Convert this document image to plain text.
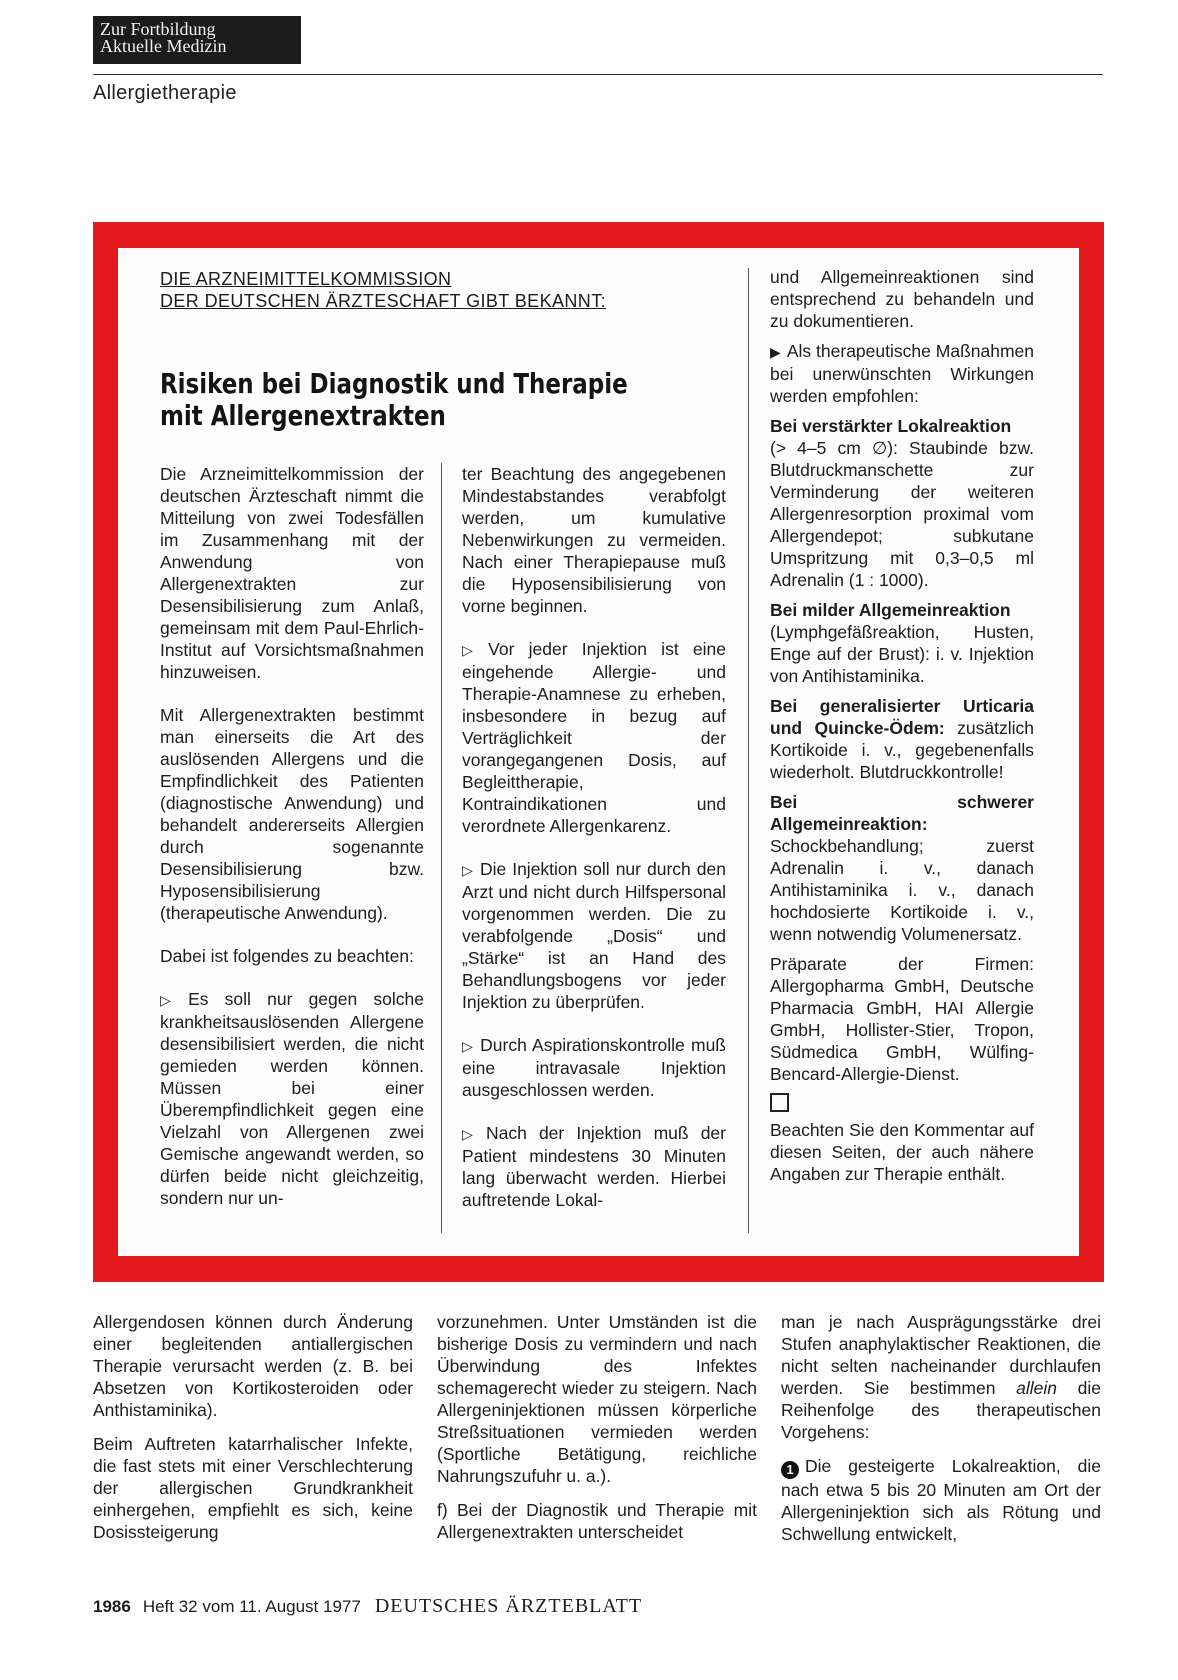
Zur Fortbildung
Aktuelle Medizin
Allergietherapie
DIE ARZNEIMITTELKOMMISSION
DER DEUTSCHEN ÄRZTESCHAFT GIBT BEKANNT:
Risiken bei Diagnostik und Therapie
mit Allergenextrakten

Die Arzneimittelkommission der deutschen Ärzteschaft nimmt die Mitteilung von zwei Todesfällen im Zusammenhang mit der Anwendung von Allergenextrakten zur Desensibilisierung zum Anlaß, gemeinsam mit dem Paul-Ehrlich-Institut auf Vorsichtsmaßnahmen hinzuweisen.

Mit Allergenextrakten bestimmt man einerseits die Art des auslösenden Allergens und die Empfindlichkeit des Patienten (diagnostische Anwendung) und behandelt andererseits Allergien durch sogenannte Desensibilisierung bzw. Hyposensibilisierung (therapeutische Anwendung).

Dabei ist folgendes zu beachten:

▷ Es soll nur gegen solche krankheitsauslösenden Allergene desensibilisiert werden, die nicht gemieden werden können. Müssen bei einer Überempfindlichkeit gegen eine Vielzahl von Allergenen zwei Gemische angewandt werden, so dürfen beide nicht gleichzeitig, sondern nur un-

ter Beachtung des angegebenen Mindestabstandes verabfolgt werden, um kumulative Nebenwirkungen zu vermeiden. Nach einer Therapiepause muß die Hyposensibilisierung von vorne beginnen.

▷ Vor jeder Injektion ist eine eingehende Allergie- und Therapie-Anamnese zu erheben, insbesondere in bezug auf Verträglichkeit der vorangegangenen Dosis, auf Begleittherapie, Kontraindikationen und verordnete Allergenkarenz.

▷ Die Injektion soll nur durch den Arzt und nicht durch Hilfspersonal vorgenommen werden. Die zu verabfolgende „Dosis“ und „Stärke“ ist an Hand des Behandlungsbogens vor jeder Injektion zu überprüfen.

▷ Durch Aspirationskontrolle muß eine intravasale Injektion ausgeschlossen werden.

▷ Nach der Injektion muß der Patient mindestens 30 Minuten lang überwacht werden. Hierbei auftretende Lokal-

und Allgemeinreaktionen sind entsprechend zu behandeln und zu dokumentieren.

▶ Als therapeutische Maßnahmen bei unerwünschten Wirkungen werden empfohlen:

Bei verstärkter Lokalreaktion
(> 4–5 cm ∅): Staubinde bzw. Blutdruckmanschette zur Verminderung der weiteren Allergenresorption proximal vom Allergendepot; subkutane Umspritzung mit 0,3–0,5 ml Adrenalin (1 : 1000).

Bei milder Allgemeinreaktion
(Lymphgefäßreaktion, Husten, Enge auf der Brust): i. v. Injektion von Antihistaminika.

Bei generalisierter Urticaria und Quincke-Ödem: zusätzlich Kortikoide i. v., gegebenenfalls wiederholt. Blutdruckkontrolle!

Bei schwerer Allgemeinreaktion: Schockbehandlung; zuerst Adrenalin i. v., danach Antihistaminika i. v., danach hochdosierte Kortikoide i. v., wenn notwendig Volumenersatz.

Präparate der Firmen: Allergopharma GmbH, Deutsche Pharmacia GmbH, HAI Allergie GmbH, Hollister-Stier, Tropon, Südmedica GmbH, Wülfing-Bencard-Allergie-Dienst.

Beachten Sie den Kommentar auf diesen Seiten, der auch nähere Angaben zur Therapie enthält.

Allergendosen können durch Änderung einer begleitenden antiallergischen Therapie verursacht werden (z. B. bei Absetzen von Kortikosteroiden oder Anthistaminika).

Beim Auftreten katarrhalischer Infekte, die fast stets mit einer Verschlechterung der allergischen Grundkrankheit einhergehen, empfiehlt es sich, keine Dosissteigerung

vorzunehmen. Unter Umständen ist die bisherige Dosis zu vermindern und nach Überwindung des Infektes schemagerecht wieder zu steigern. Nach Allergeninjektionen müssen körperliche Streßsituationen vermieden werden (Sportliche Betätigung, reichliche Nahrungszufuhr u. a.).

f) Bei der Diagnostik und Therapie mit Allergenextrakten unterscheidet

man je nach Ausprägungsstärke drei Stufen anaphylaktischer Reaktionen, die nicht selten nacheinander durchlaufen werden. Sie bestimmen allein die Reihenfolge des therapeutischen Vorgehens:

1 Die gesteigerte Lokalreaktion, die nach etwa 5 bis 20 Minuten am Ort der Allergeninjektion sich als Rötung und Schwellung entwickelt,

1986 Heft 32 vom 11. August 1977 DEUTSCHES ÄRZTEBLATT
